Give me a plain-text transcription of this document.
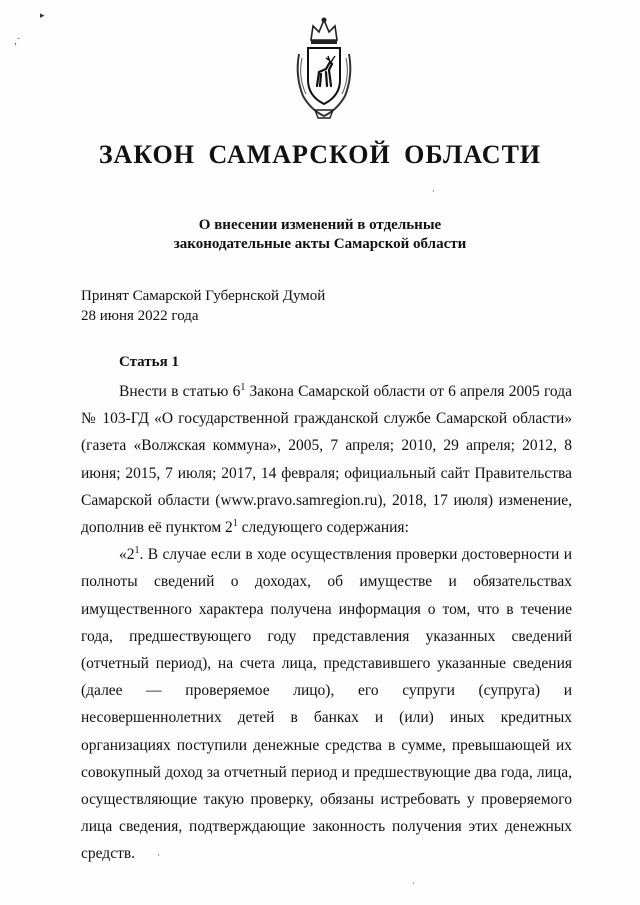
▸
‚ˉ
ЗАКОН САМАРСКОЙ ОБЛАСТИ
О внесении изменений в отдельные
законодательные акты Самарской области
Принят Самарской Губернской Думой
28 июня 2022 года
Статья 1

Внести в статью $6^1$ Закона Самарской области от 6 апреля 2005 года № 103-ГД «О государственной гражданской службе Самарской области» (газета «Волжская коммуна», 2005, 7 апреля; 2010, 29 апреля; 2012, 8 июня; 2015, 7 июля; 2017, 14 февраля; официальный сайт Правительства Самарской области (www.pravo.samregion.ru), 2018, 17 июля) изменение, дополнив её пунктом $2^1$ следующего содержания:

«$2^1$. В случае если в ходе осуществления проверки достоверности и полноты сведений о доходах, об имуществе и обязательствах имущественного характера получена информация о том, что в течение года, предшествующего году представления указанных сведений (отчетный период), на счета лица, представившего указанные сведения (далее — проверяемое лицо), его супруги (супруга) и несовершеннолетних детей в банках и (или) иных кредитных организациях поступили денежные средства в сумме, превышающей их совокупный доход за отчетный период и предшествующие два года, лица, осуществляющие такую проверку, обязаны истребовать у проверяемого лица сведения, подтверждающие законность получения этих денежных средств.

·
·
·
